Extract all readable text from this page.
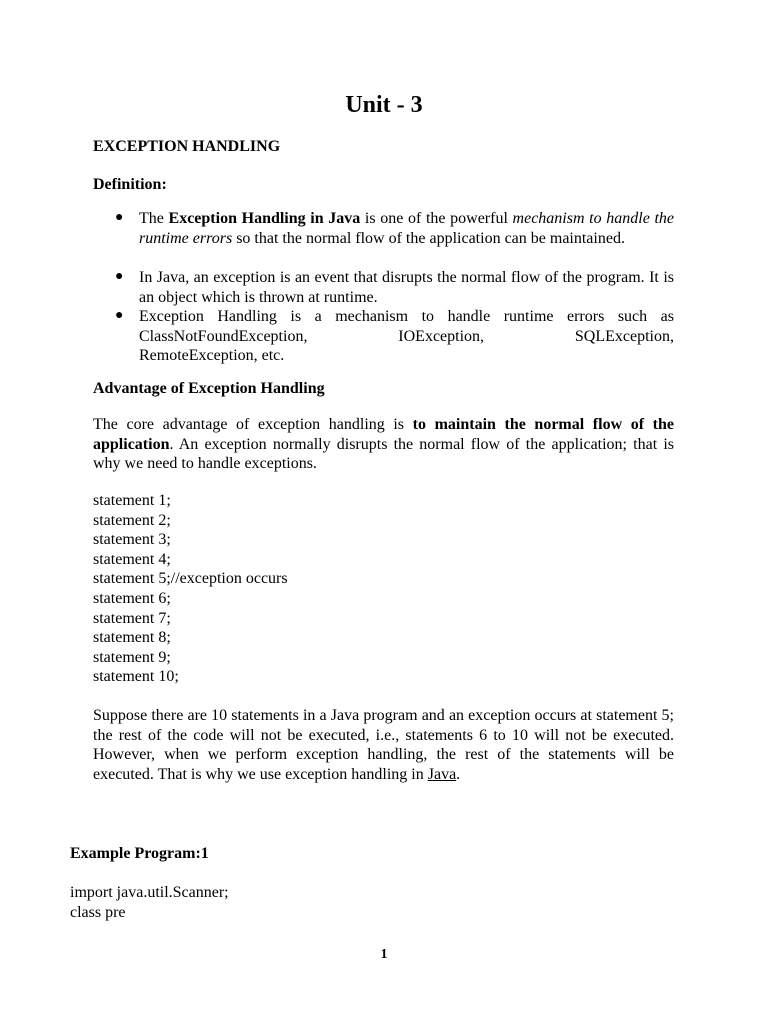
Unit - 3
EXCEPTION HANDLING
Definition:
● The Exception Handling in Java is one of the powerful mechanism to handle the runtime errors so that the normal flow of the application can be maintained.
● In Java, an exception is an event that disrupts the normal flow of the program. It is an object which is thrown at runtime.
● Exception Handling is a mechanism to handle runtime errors such as
ClassNotFoundException, IOException, SQLException,
RemoteException, etc.
Advantage of Exception Handling
The core advantage of exception handling is to maintain the normal flow of the application. An exception normally disrupts the normal flow of the application; that is why we need to handle exceptions.
statement 1;
statement 2;
statement 3;
statement 4;
statement 5;//exception occurs
statement 6;
statement 7;
statement 8;
statement 9;
statement 10;
Suppose there are 10 statements in a Java program and an exception occurs at statement 5; the rest of the code will not be executed, i.e., statements 6 to 10 will not be executed. However, when we perform exception handling, the rest of the statements will be executed. That is why we use exception handling in Java.
Example Program:1
import java.util.Scanner;
class pre
1
